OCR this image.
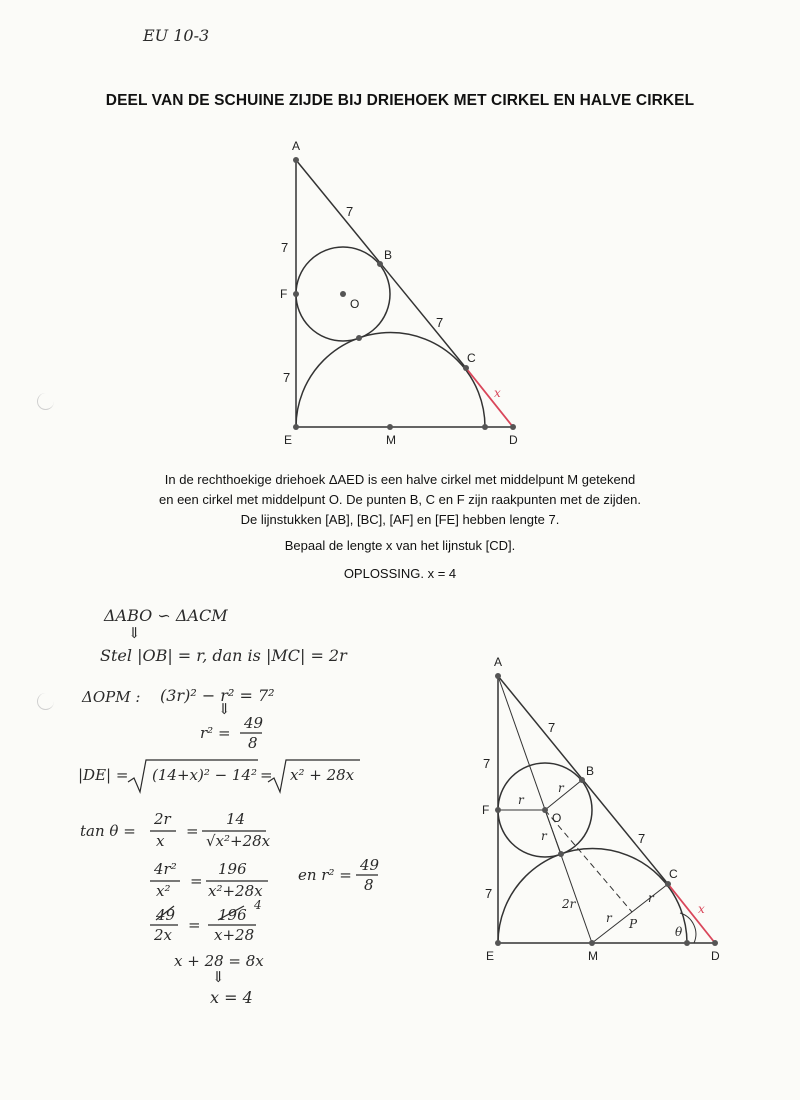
EU 10-3
DEEL VAN DE SCHUINE ZIJDE BIJ DRIEHOEK MET CIRKEL EN HALVE CIRKEL
A
B
C
D
E
F
M
O
7
7
7
7
x
In de rechthoekige driehoek ΔAED is een halve cirkel met middelpunt M getekend
en een cirkel met middelpunt O. De punten B, C en F zijn raakpunten met de zijden.
De lijnstukken [AB], [BC], [AF] en [FE] hebben lengte 7.
Bepaal de lengte x van het lijnstuk [CD].
OPLOSSING. x = 4
ΔABO ∽ ΔACM
⇓
Stel |OB| = r, dan is |MC| = 2r
ΔOPM : (3r)² − r² = 7²
⇓
r² =
49
8
|DE| = (14+x)² − 14² = x² + 28x
tan θ =
2r
x
=
14
√x²+28x
4r²
x²
=
196
x²+28x
en r² =
49
8
49
2x
=
196
4
x+28
x + 28 = 8x
⇓
x = 4
A
B
C
D
E
F
M
O
P
7
7
7
7
x
r
r
r
r
r
2r
θ
